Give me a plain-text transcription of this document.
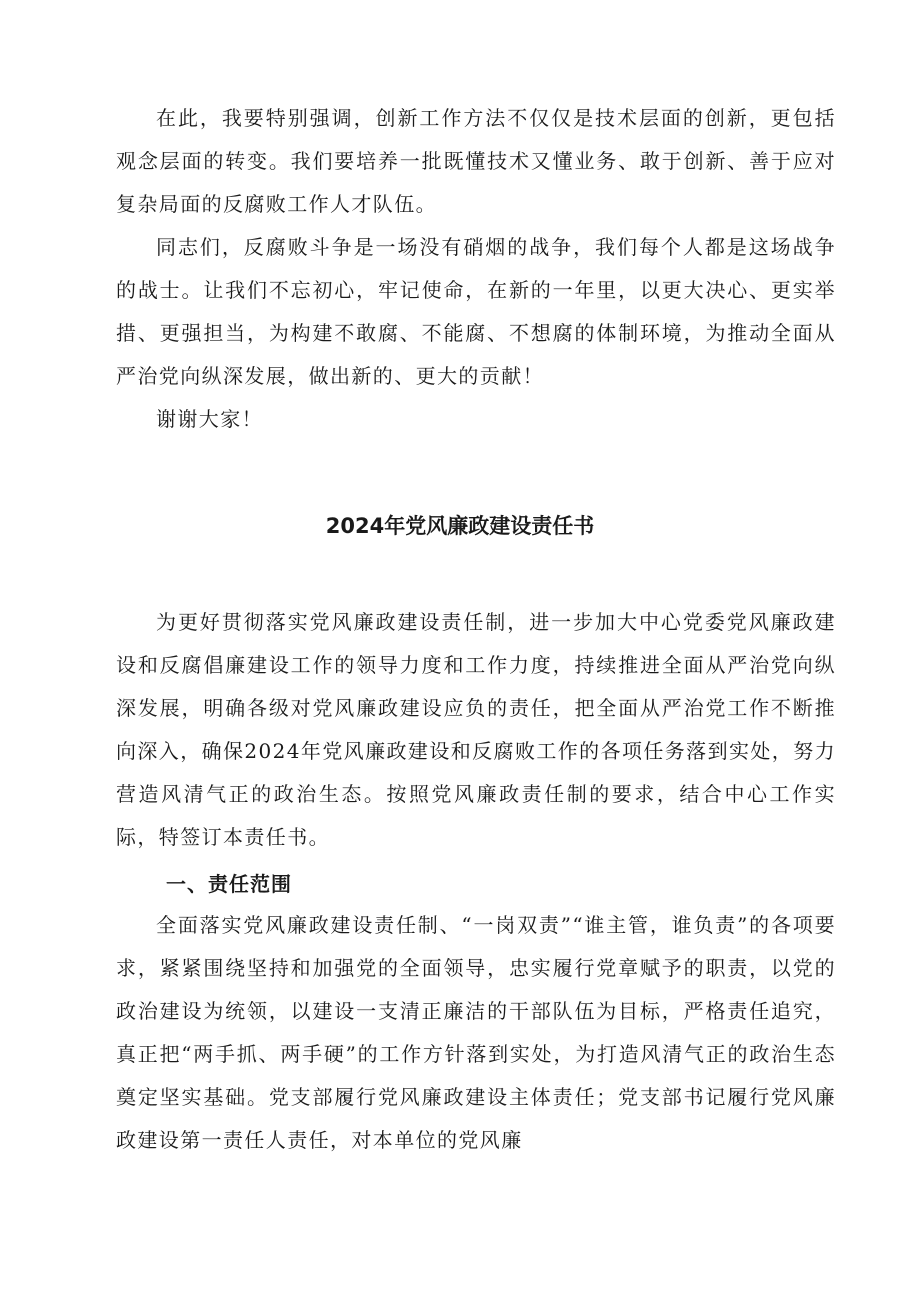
在此，我要特别强调，创新工作方法不仅仅是技术层面的创新，更包括观念层面的转变。我们要培养一批既懂技术又懂业务、敢于创新、善于应对复杂局面的反腐败工作人才队伍。

同志们，反腐败斗争是一场没有硝烟的战争，我们每个人都是这场战争的战士。让我们不忘初心，牢记使命，在新的一年里，以更大决心、更实举措、更强担当，为构建不敢腐、不能腐、不想腐的体制环境，为推动全面从严治党向纵深发展，做出新的、更大的贡献！

谢谢大家！

2024年党风廉政建设责任书

为更好贯彻落实党风廉政建设责任制，进一步加大中心党委党风廉政建设和反腐倡廉建设工作的领导力度和工作力度，持续推进全面从严治党向纵深发展，明确各级对党风廉政建设应负的责任，把全面从严治党工作不断推向深入，确保2024年党风廉政建设和反腐败工作的各项任务落到实处，努力营造风清气正的政治生态。按照党风廉政责任制的要求，结合中心工作实际，特签订本责任书。

一、责任范围

全面落实党风廉政建设责任制、“一岗双责”“谁主管，谁负责”的各项要求，紧紧围绕坚持和加强党的全面领导，忠实履行党章赋予的职责，以党的政治建设为统领，以建设一支清正廉洁的干部队伍为目标，严格责任追究，真正把“两手抓、两手硬”的工作方针落到实处，为打造风清气正的政治生态奠定坚实基础。党支部履行党风廉政建设主体责任；党支部书记履行党风廉政建设第一责任人责任，对本单位的党风廉
